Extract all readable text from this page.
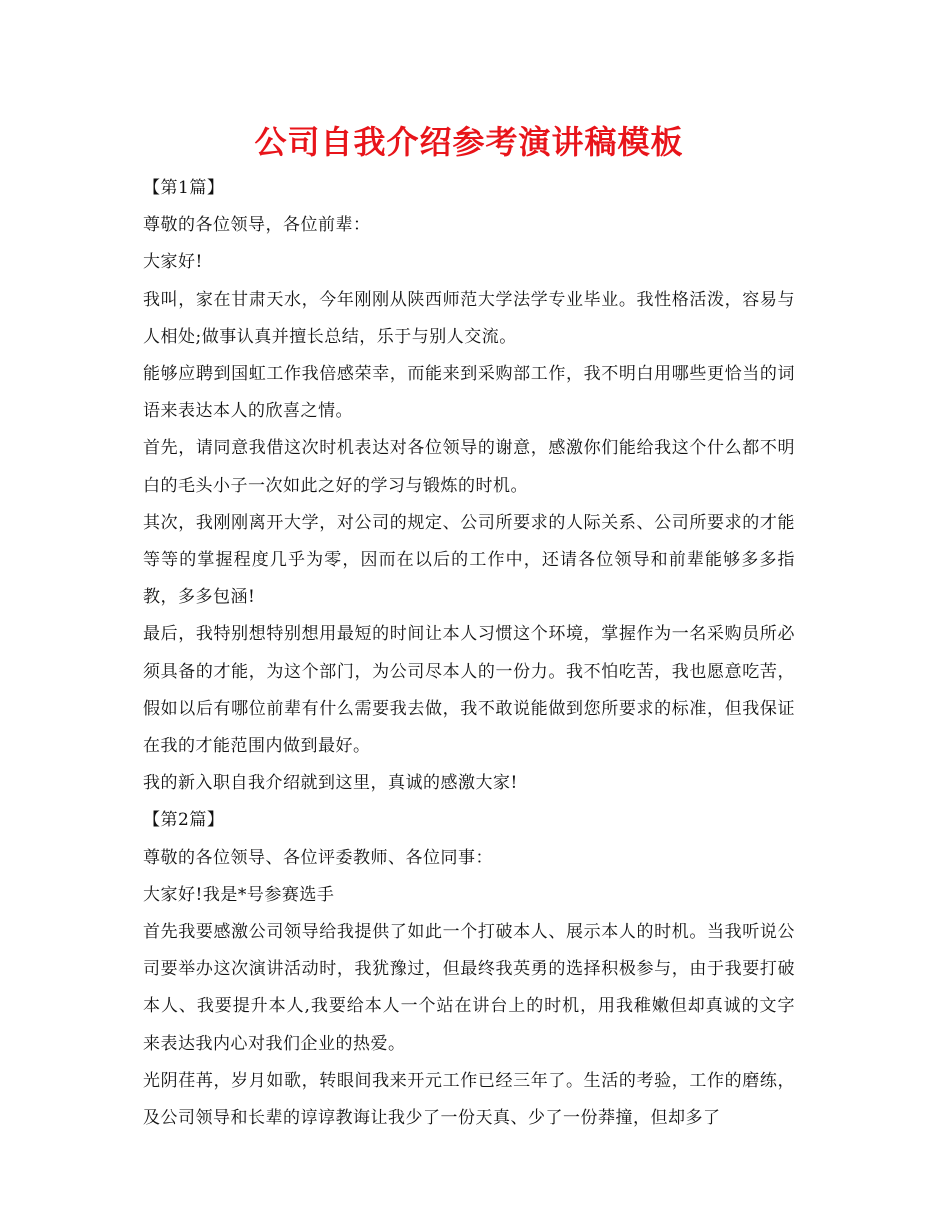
公司自我介绍参考演讲稿模板

【第1篇】

尊敬的各位领导，各位前辈：

大家好!

我叫，家在甘肃天水，今年刚刚从陕西师范大学法学专业毕业。我性格活泼，容易与人相处;做事认真并擅长总结，乐于与别人交流。

能够应聘到国虹工作我倍感荣幸，而能来到采购部工作，我不明白用哪些更恰当的词语来表达本人的欣喜之情。

首先，请同意我借这次时机表达对各位领导的谢意，感激你们能给我这个什么都不明白的毛头小子一次如此之好的学习与锻炼的时机。

其次，我刚刚离开大学，对公司的规定、公司所要求的人际关系、公司所要求的才能等等的掌握程度几乎为零，因而在以后的工作中，还请各位领导和前辈能够多多指教，多多包涵!

最后，我特别想特别想用最短的时间让本人习惯这个环境，掌握作为一名采购员所必须具备的才能，为这个部门，为公司尽本人的一份力。我不怕吃苦，我也愿意吃苦，假如以后有哪位前辈有什么需要我去做，我不敢说能做到您所要求的标准，但我保证在我的才能范围内做到最好。

我的新入职自我介绍就到这里，真诚的感激大家!

【第2篇】

尊敬的各位领导、各位评委教师、各位同事：

大家好!我是*号参赛选手

首先我要感激公司领导给我提供了如此一个打破本人、展示本人的时机。当我听说公司要举办这次演讲活动时，我犹豫过，但最终我英勇的选择积极参与，由于我要打破本人、我要提升本人,我要给本人一个站在讲台上的时机，用我稚嫩但却真诚的文字来表达我内心对我们企业的热爱。

光阴荏苒，岁月如歌，转眼间我来开元工作已经三年了。生活的考验，工作的磨练，及公司领导和长辈的谆谆教诲让我少了一份天真、少了一份莽撞，但却多了
